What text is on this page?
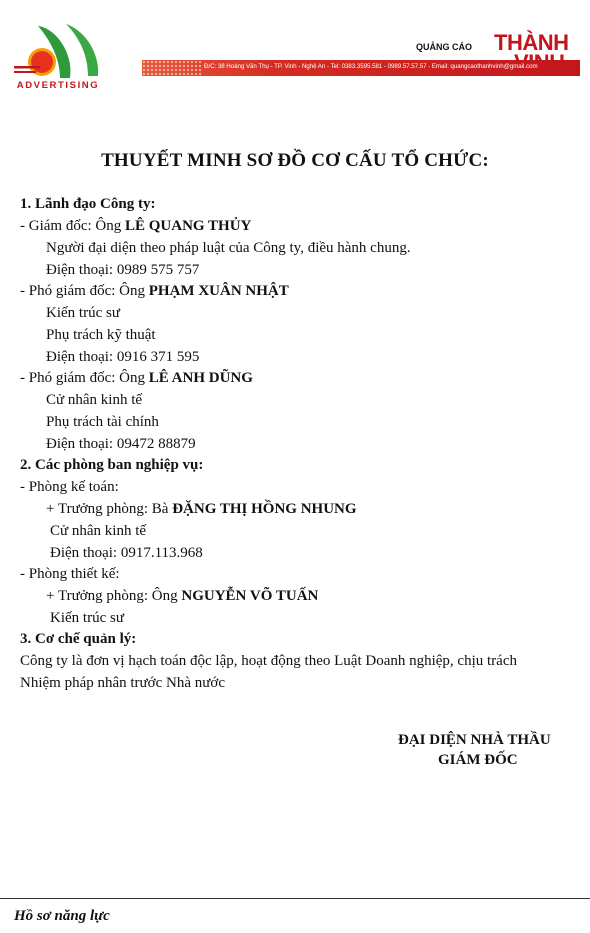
ADVERTISING
QUẢNG CÁO THÀNH
Đ/C: 38 Hoàng Văn Thụ - TP. Vinh - Nghệ An - Tel: 0383.3595.581 - 0989.57.57.57 - Email: quangcaothanhvinh@gmail.com
THUYẾT MINH SƠ ĐỒ CƠ CẤU TỔ CHỨC:
1. Lãnh đạo Công ty:
- Giám đốc: Ông LÊ QUANG THỦY
Người đại diện theo pháp luật của Công ty, điều hành chung.
Điện thoại: 0989 575 757
- Phó giám đốc: Ông PHẠM XUÂN NHẬT
Kiến trúc sư
Phụ trách kỹ thuật
Điện thoại: 0916 371 595
- Phó giám đốc: Ông LÊ ANH DŨNG
Cử nhân kinh tế
Phụ trách tài chính
Điện thoại: 09472 88879
2. Các phòng ban nghiệp vụ:
- Phòng kế toán:
+ Trưởng phòng: Bà ĐẶNG THỊ HỒNG NHUNG
Cử nhân kinh tế
Điện thoại: 0917.113.968
- Phòng thiết kế:
+ Trưởng phòng: Ông NGUYỄN VÕ TUẤN
Kiến trúc sư
3. Cơ chế quản lý:
Công ty là đơn vị hạch toán độc lập, hoạt động theo Luật Doanh nghiệp, chịu trách
Nhiệm pháp nhân trước Nhà nước
ĐẠI DIỆN NHÀ THẦU
GIÁM ĐỐC
Hồ sơ năng lực
